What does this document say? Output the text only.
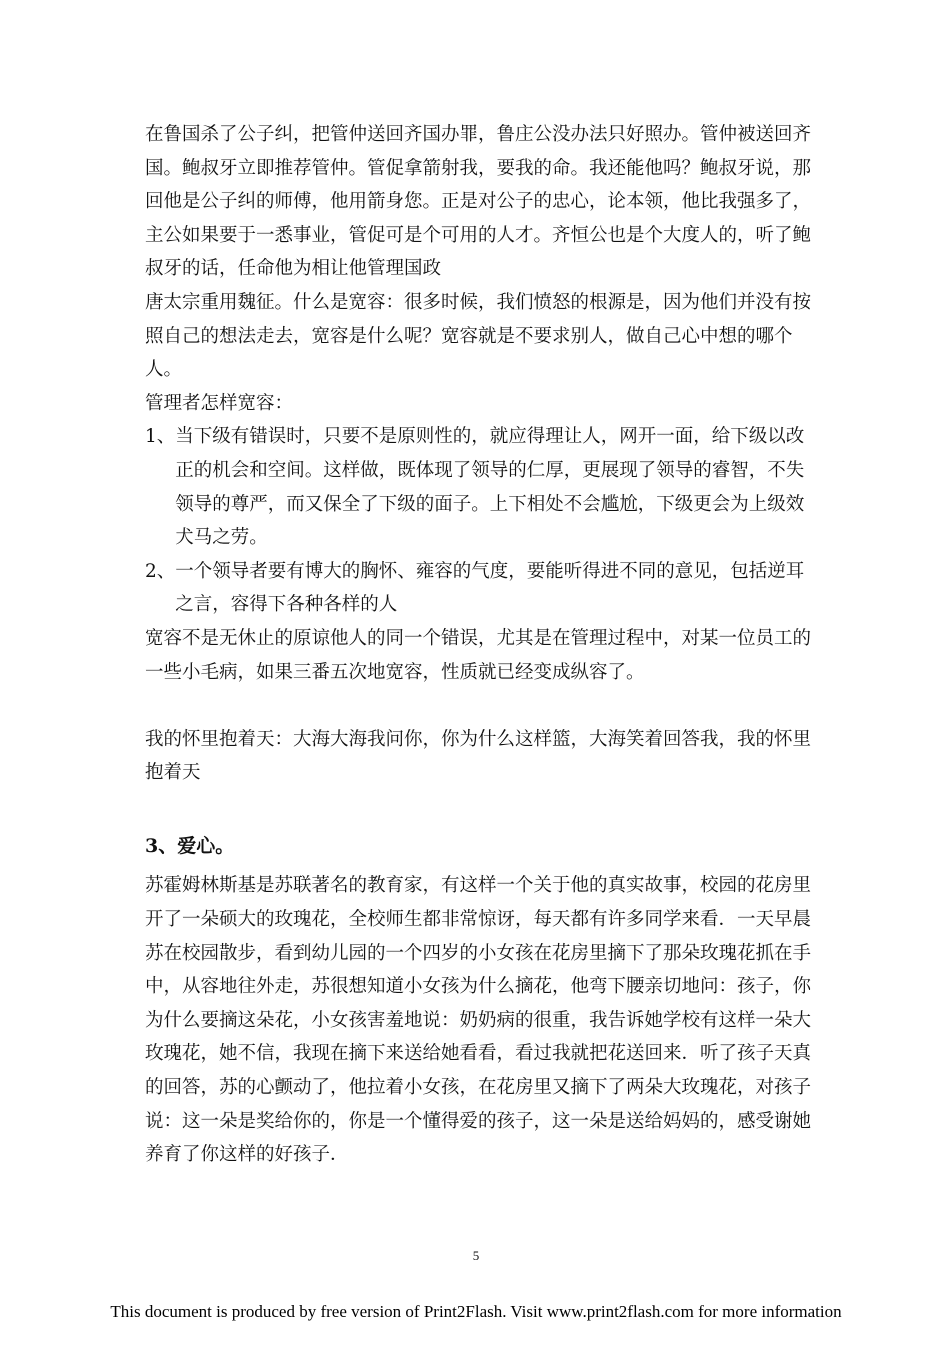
在鲁国杀了公子纠，把管仲送回齐国办罪，鲁庄公没办法只好照办。管仲被送回齐国。鲍叔牙立即推荐管仲。管促拿箭射我，要我的命。我还能他吗？鲍叔牙说，那回他是公子纠的师傅，他用箭身您。正是对公子的忠心，论本领，他比我强多了，主公如果要于一悉事业，管促可是个可用的人才。齐恒公也是个大度人的，听了鲍叔牙的话，任命他为相让他管理国政

唐太宗重用魏征。什么是宽容：很多时候，我们愤怒的根源是，因为他们并没有按照自己的想法走去，宽容是什么呢？宽容就是不要求别人，做自己心中想的哪个人。

管理者怎样宽容：

1、 当下级有错误时，只要不是原则性的，就应得理让人，网开一面，给下级以改正的机会和空间。这样做，既体现了领导的仁厚，更展现了领导的睿智，不失领导的尊严，而又保全了下级的面子。上下相处不会尴尬，下级更会为上级效犬马之劳。
2、 一个领导者要有博大的胸怀、雍容的气度，要能听得进不同的意见，包括逆耳之言，容得下各种各样的人

宽容不是无休止的原谅他人的同一个错误，尤其是在管理过程中，对某一位员工的一些小毛病，如果三番五次地宽容，性质就已经变成纵容了。

我的怀里抱着天：大海大海我问你，你为什么这样篮，大海笑着回答我，我的怀里抱着天

3、爱心。

苏霍姆林斯基是苏联著名的教育家，有这样一个关于他的真实故事，校园的花房里开了一朵硕大的玫瑰花，全校师生都非常惊讶，每天都有许多同学来看．一天早晨苏在校园散步，看到幼儿园的一个四岁的小女孩在花房里摘下了那朵玫瑰花抓在手中，从容地往外走，苏很想知道小女孩为什么摘花，他弯下腰亲切地问：孩子，你为什么要摘这朵花，小女孩害羞地说：奶奶病的很重，我告诉她学校有这样一朵大玫瑰花，她不信，我现在摘下来送给她看看，看过我就把花送回来．听了孩子天真的回答，苏的心颤动了，他拉着小女孩，在花房里又摘下了两朵大玫瑰花，对孩子说：这一朵是奖给你的，你是一个懂得爱的孩子，这一朵是送给妈妈的，感受谢她养育了你这样的好孩子．

5
This document is produced by free version of Print2Flash. Visit www.print2flash.com for more information
